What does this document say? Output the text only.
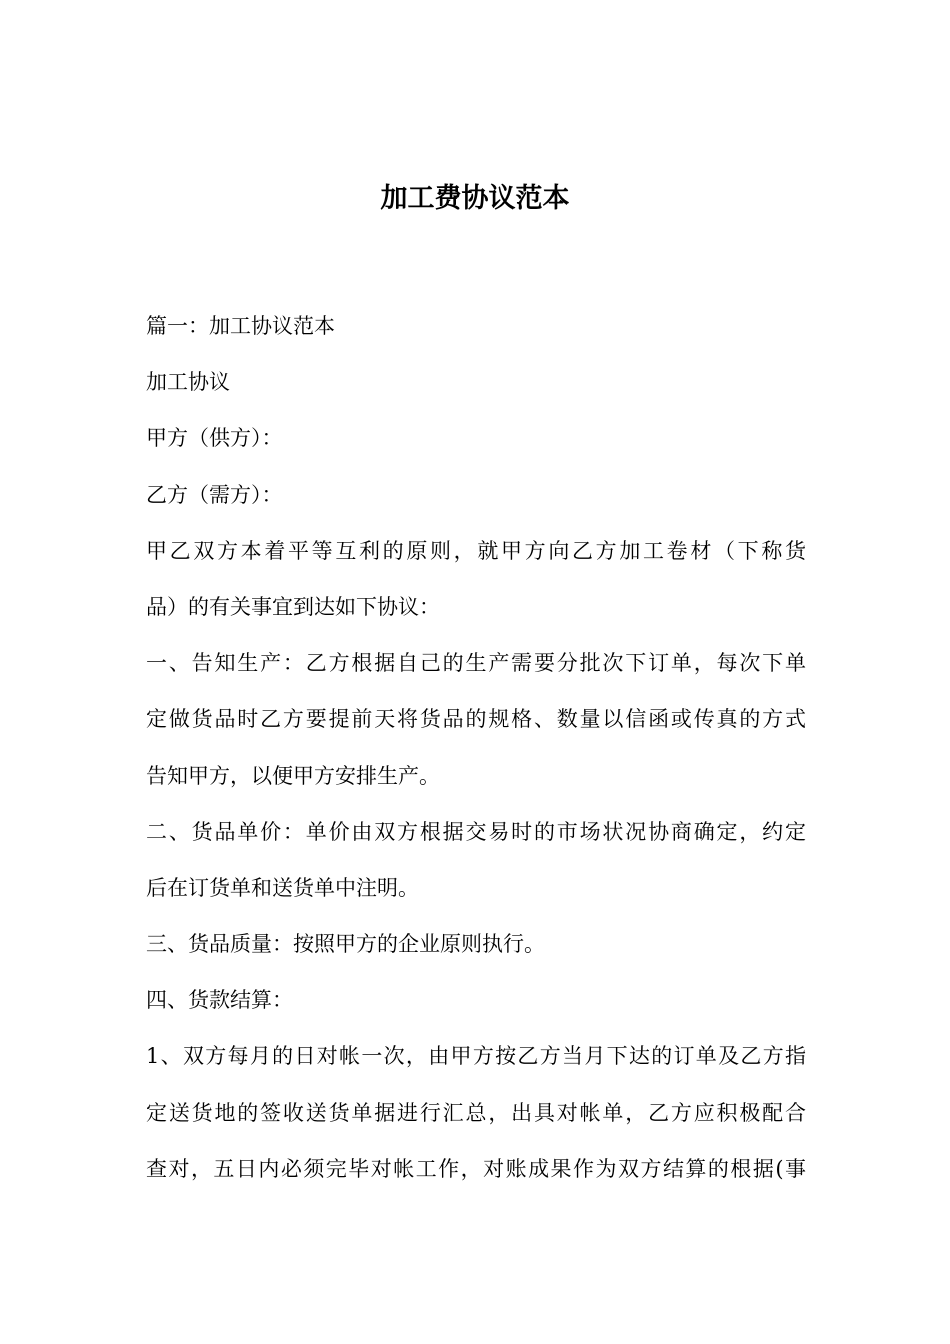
加工费协议范本

篇一：加工协议范本

加工协议

甲方（供方）：

乙方（需方）：

甲乙双方本着平等互利的原则，就甲方向乙方加工卷材（下称货

品）的有关事宜到达如下协议：

一、告知生产：乙方根据自己的生产需要分批次下订单，每次下单

定做货品时乙方要提前天将货品的规格、数量以信函或传真的方式

告知甲方，以便甲方安排生产。

二、货品单价：单价由双方根据交易时的市场状况协商确定，约定

后在订货单和送货单中注明。

三、货品质量：按照甲方的企业原则执行。

四、货款结算：

1、双方每月的日对帐一次，由甲方按乙方当月下达的订单及乙方指

定送货地的签收送货单据进行汇总，出具对帐单，乙方应积极配合

查对，五日内必须完毕对帐工作，对账成果作为双方结算的根据(事
